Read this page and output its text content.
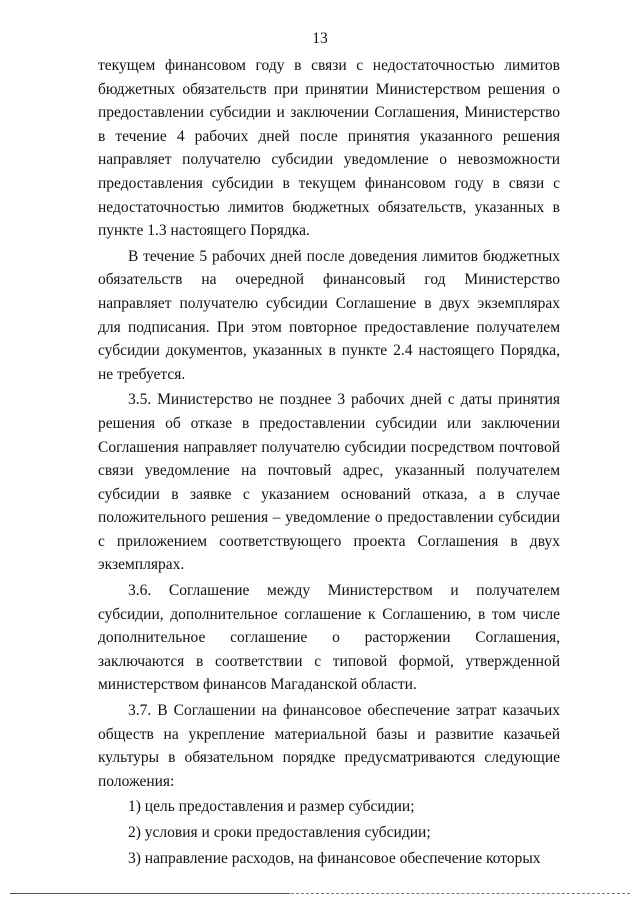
13

текущем финансовом году в связи с недостаточностью лимитов бюджетных обязательств при принятии Министерством решения о предоставлении субсидии и заключении Соглашения, Министерство в течение 4 рабочих дней после принятия указанного решения направляет получателю субсидии уведомление о невозможности предоставления субсидии в текущем финансовом году в связи с недостаточностью лимитов бюджетных обязательств, указанных в пункте 1.3 настоящего Порядка.

В течение 5 рабочих дней после доведения лимитов бюджетных обязательств на очередной финансовый год Министерство направляет получателю субсидии Соглашение в двух экземплярах для подписания. При этом повторное предоставление получателем субсидии документов, указанных в пункте 2.4 настоящего Порядка, не требуется.

3.5. Министерство не позднее 3 рабочих дней с даты принятия решения об отказе в предоставлении субсидии или заключении Соглашения направляет получателю субсидии посредством почтовой связи уведомление на почтовый адрес, указанный получателем субсидии в заявке с указанием оснований отказа, а в случае положительного решения – уведомление о предоставлении субсидии с приложением соответствующего проекта Соглашения в двух экземплярах.

3.6. Соглашение между Министерством и получателем субсидии, дополнительное соглашение к Соглашению, в том числе дополнительное соглашение о расторжении Соглашения, заключаются в соответствии с типовой формой, утвержденной министерством финансов Магаданской области.

3.7. В Соглашении на финансовое обеспечение затрат казачьих обществ на укрепление материальной базы и развитие казачьей культуры в обязательном порядке предусматриваются следующие положения:

1) цель предоставления и размер субсидии;

2) условия и сроки предоставления субсидии;

3) направление расходов, на финансовое обеспечение которых
